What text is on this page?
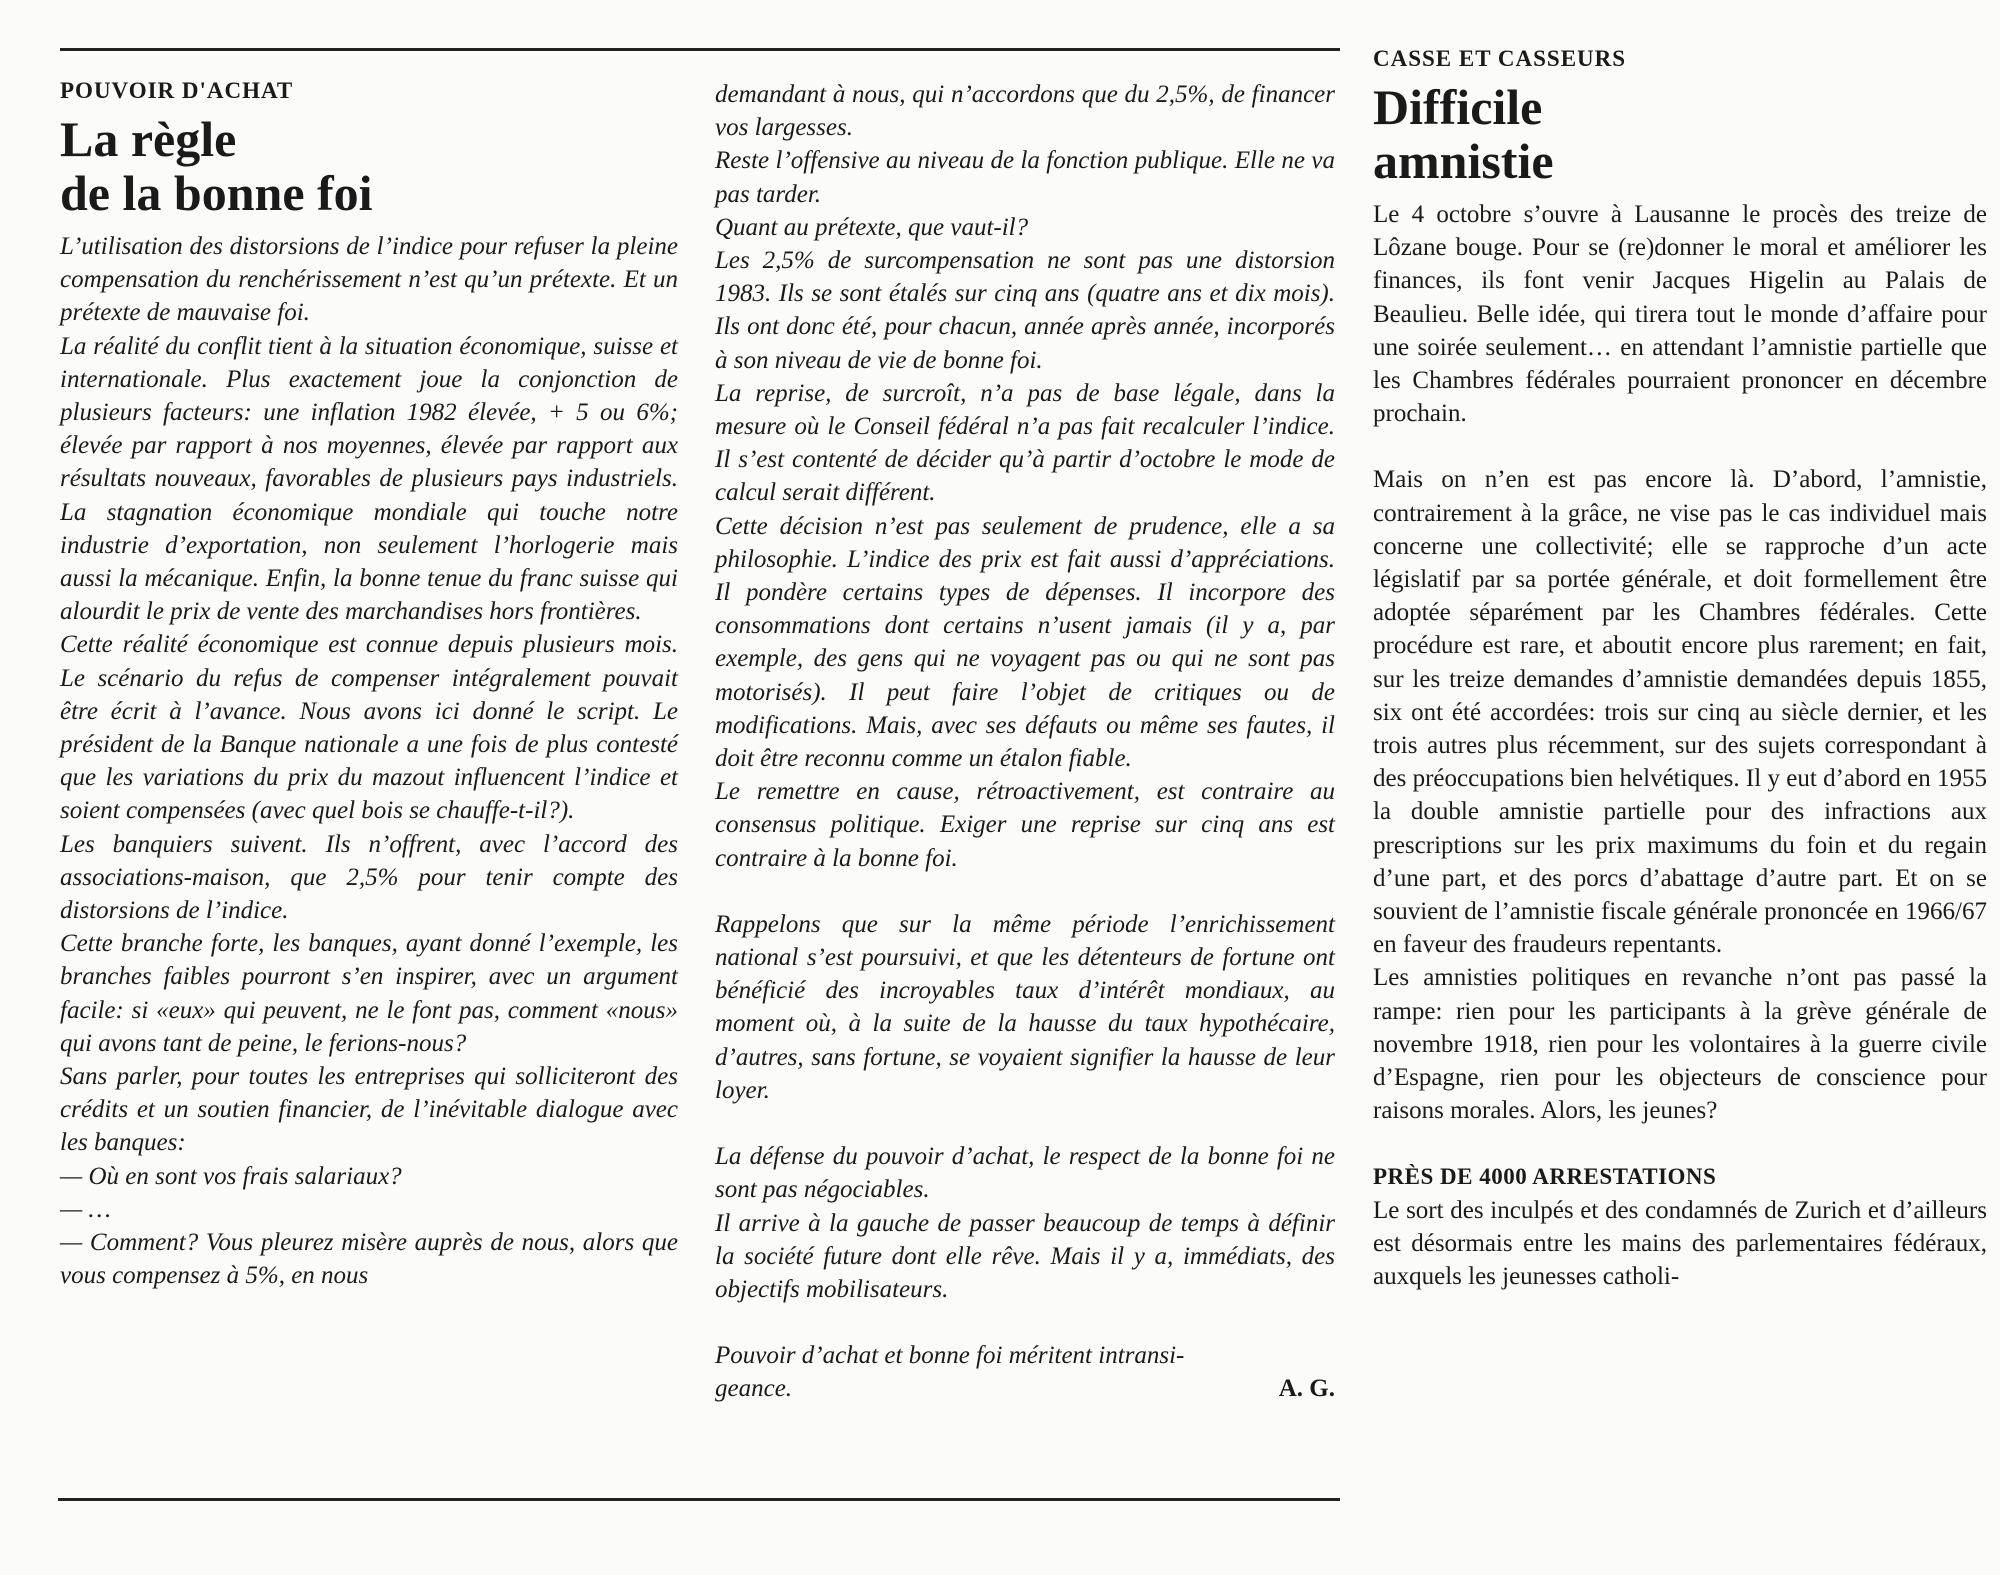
POUVOIR D'ACHAT

La règle
de la bonne foi

L’utilisation des distorsions de l’indice pour refuser la pleine compensation du renchérissement n’est qu’un prétexte. Et un prétexte de mauvaise foi.

La réalité du conflit tient à la situation économique, suisse et internationale. Plus exactement joue la conjonction de plusieurs facteurs: une inflation 1982 élevée, + 5 ou 6%; élevée par rapport à nos moyennes, élevée par rapport aux résultats nouveaux, favorables de plusieurs pays industriels. La stagnation économique mondiale qui touche notre industrie d’exportation, non seulement l’horlogerie mais aussi la mécanique. Enfin, la bonne tenue du franc suisse qui alourdit le prix de vente des marchandises hors frontières.

Cette réalité économique est connue depuis plusieurs mois. Le scénario du refus de compenser intégralement pouvait être écrit à l’avance. Nous avons ici donné le script. Le président de la Banque nationale a une fois de plus contesté que les variations du prix du mazout influencent l’indice et soient compensées (avec quel bois se chauffe-t-il?).

Les banquiers suivent. Ils n’offrent, avec l’accord des associations-maison, que 2,5% pour tenir compte des distorsions de l’indice.

Cette branche forte, les banques, ayant donné l’exemple, les branches faibles pourront s’en inspirer, avec un argument facile: si «eux» qui peuvent, ne le font pas, comment «nous» qui avons tant de peine, le ferions-nous?

Sans parler, pour toutes les entreprises qui solliciteront des crédits et un soutien financier, de l’inévitable dialogue avec les banques:

— Où en sont vos frais salariaux?

— …

— Comment? Vous pleurez misère auprès de nous, alors que vous compensez à 5%, en nous

demandant à nous, qui n’accordons que du 2,5%, de financer vos largesses.

Reste l’offensive au niveau de la fonction publique. Elle ne va pas tarder.

Quant au prétexte, que vaut-il?

Les 2,5% de surcompensation ne sont pas une distorsion 1983. Ils se sont étalés sur cinq ans (quatre ans et dix mois). Ils ont donc été, pour chacun, année après année, incorporés à son niveau de vie de bonne foi.

La reprise, de surcroît, n’a pas de base légale, dans la mesure où le Conseil fédéral n’a pas fait recalculer l’indice. Il s’est contenté de décider qu’à partir d’octobre le mode de calcul serait différent.

Cette décision n’est pas seulement de prudence, elle a sa philosophie. L’indice des prix est fait aussi d’appréciations. Il pondère certains types de dépenses. Il incorpore des consommations dont certains n’usent jamais (il y a, par exemple, des gens qui ne voyagent pas ou qui ne sont pas motorisés). Il peut faire l’objet de critiques ou de modifications. Mais, avec ses défauts ou même ses fautes, il doit être reconnu comme un étalon fiable.

Le remettre en cause, rétroactivement, est contraire au consensus politique. Exiger une reprise sur cinq ans est contraire à la bonne foi.

Rappelons que sur la même période l’enrichissement national s’est poursuivi, et que les détenteurs de fortune ont bénéficié des incroyables taux d’intérêt mondiaux, au moment où, à la suite de la hausse du taux hypothécaire, d’autres, sans fortune, se voyaient signifier la hausse de leur loyer.

La défense du pouvoir d’achat, le respect de la bonne foi ne sont pas négociables.

Il arrive à la gauche de passer beaucoup de temps à définir la société future dont elle rêve. Mais il y a, immédiats, des objectifs mobilisateurs.

Pouvoir d’achat et bonne foi méritent intransi-

geance.	A. G.

CASSE ET CASSEURS

Difficile
amnistie

Le 4 octobre s’ouvre à Lausanne le procès des treize de Lôzane bouge. Pour se (re)donner le moral et améliorer les finances, ils font venir Jacques Higelin au Palais de Beaulieu. Belle idée, qui tirera tout le monde d’affaire pour une soirée seulement… en attendant l’amnistie partielle que les Chambres fédérales pourraient prononcer en décembre prochain.

Mais on n’en est pas encore là. D’abord, l’amnistie, contrairement à la grâce, ne vise pas le cas individuel mais concerne une collectivité; elle se rapproche d’un acte législatif par sa portée générale, et doit formellement être adoptée séparément par les Chambres fédérales. Cette procédure est rare, et aboutit encore plus rarement; en fait, sur les treize demandes d’amnistie demandées depuis 1855, six ont été accordées: trois sur cinq au siècle dernier, et les trois autres plus récemment, sur des sujets correspondant à des préoccupations bien helvétiques. Il y eut d’abord en 1955 la double amnistie partielle pour des infractions aux prescriptions sur les prix maximums du foin et du regain d’une part, et des porcs d’abattage d’autre part. Et on se souvient de l’amnistie fiscale générale prononcée en 1966/67 en faveur des fraudeurs repentants.

Les amnisties politiques en revanche n’ont pas passé la rampe: rien pour les participants à la grève générale de novembre 1918, rien pour les volontaires à la guerre civile d’Espagne, rien pour les objecteurs de conscience pour raisons morales. Alors, les jeunes?

PRÈS DE 4000 ARRESTATIONS

Le sort des inculpés et des condamnés de Zurich et d’ailleurs est désormais entre les mains des parlementaires fédéraux, auxquels les jeunesses catholi-
